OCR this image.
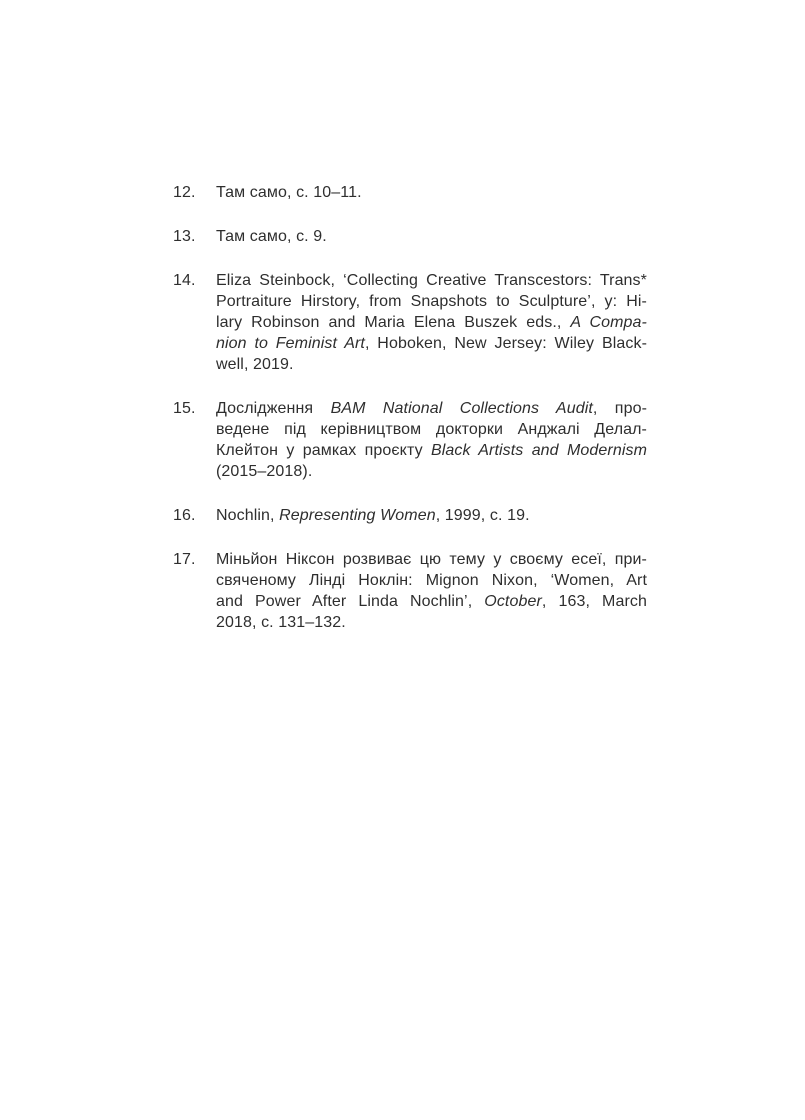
12.	Там само, с. 10–11.
13.	Там само, с. 9.
14.	Eliza Steinbock, ‘Collecting Creative Transcestors: Trans*
Portraiture Hirstory, from Snapshots to Sculpture’, у: Hi-
lary Robinson and Maria Elena Buszek eds., A Compa-
nion to Feminist Art, Hoboken, New Jersey: Wiley Black-
well, 2019.
15.	Дослідження BAM National Collections Audit, про-
ведене під керівництвом докторки Анджалі Делал-
Клейтон у рамках проєкту Black Artists and Modernism
(2015–2018).
16.	Nochlin, Representing Women, 1999, с. 19.
17.	Міньйон Ніксон розвиває цю тему у своєму есеї, при-
свяченому Лінді Ноклін: Mignon Nixon, ‘Women, Art
and Power After Linda Nochlin’, October, 163, March
2018, с. 131–132.
